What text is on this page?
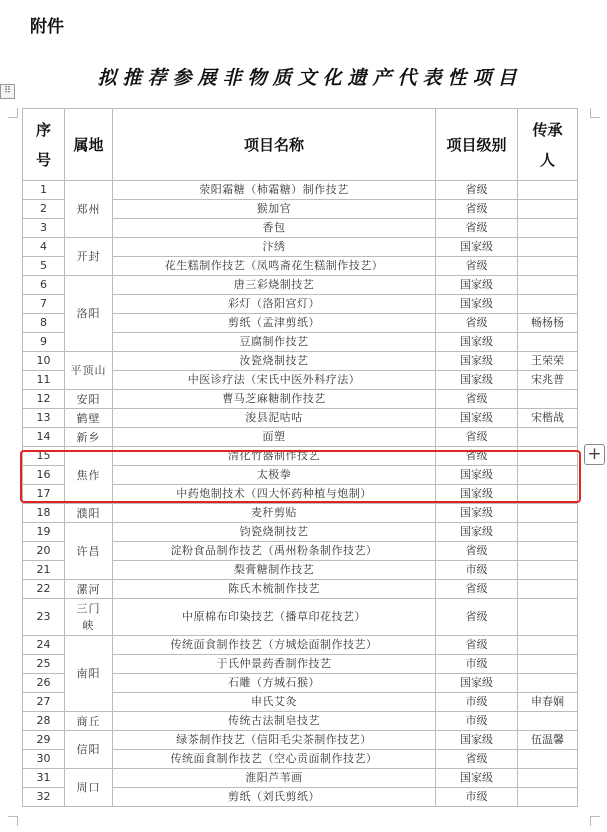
附件
⠿
拟推荐参展非物质文化遗产代表性项目
序号	属地	项目名称	项目级别	传承人
1	郑州	荥阳霜糖（柿霜糖）制作技艺	省级	
2		猴加官	省级	
3		香包	省级	
4	开封	汴绣	国家级	
5		花生糕制作技艺（凤鸣斋花生糕制作技艺）	省级	
6	洛阳	唐三彩烧制技艺	国家级	
7		彩灯（洛阳宫灯）	国家级	
8		剪纸（孟津剪纸）	省级	畅杨杨
9		豆腐制作技艺	国家级	
10	平顶山	汝瓷烧制技艺	国家级	王荣荣
11		中医诊疗法（宋氏中医外科疗法）	国家级	宋兆普
12	安阳	曹马芝麻糖制作技艺	省级	
13	鹤壁	浚县泥咕咕	国家级	宋楷战
14	新乡	面塑	省级	
15	焦作	清化竹器制作技艺	省级	
16		太极拳	国家级	
17		中药炮制技术（四大怀药种植与炮制）	国家级	
18	濮阳	麦秆剪贴	国家级	
19	许昌	钧瓷烧制技艺	国家级	
20		淀粉食品制作技艺（禹州粉条制作技艺）	省级	
21		梨膏糖制作技艺	市级	
22	漯河	陈氏木梳制作技艺	省级	
23	三门峡	中原棉布印染技艺（播草印花技艺）	省级	
24	南阳	传统面食制作技艺（方城烩面制作技艺）	省级	
25		于氏仲景药香制作技艺	市级	
26		石雕（方城石猴）	国家级	
27		申氏艾灸	市级	申春娴
28	商丘	传统古法制皂技艺	市级	
29	信阳	绿茶制作技艺（信阳毛尖茶制作技艺）	国家级	伍温馨
30		传统面食制作技艺（空心贡面制作技艺）	省级	
31	周口	淮阳芦苇画	国家级	
32		剪纸（刘氏剪纸）	市级	
+
